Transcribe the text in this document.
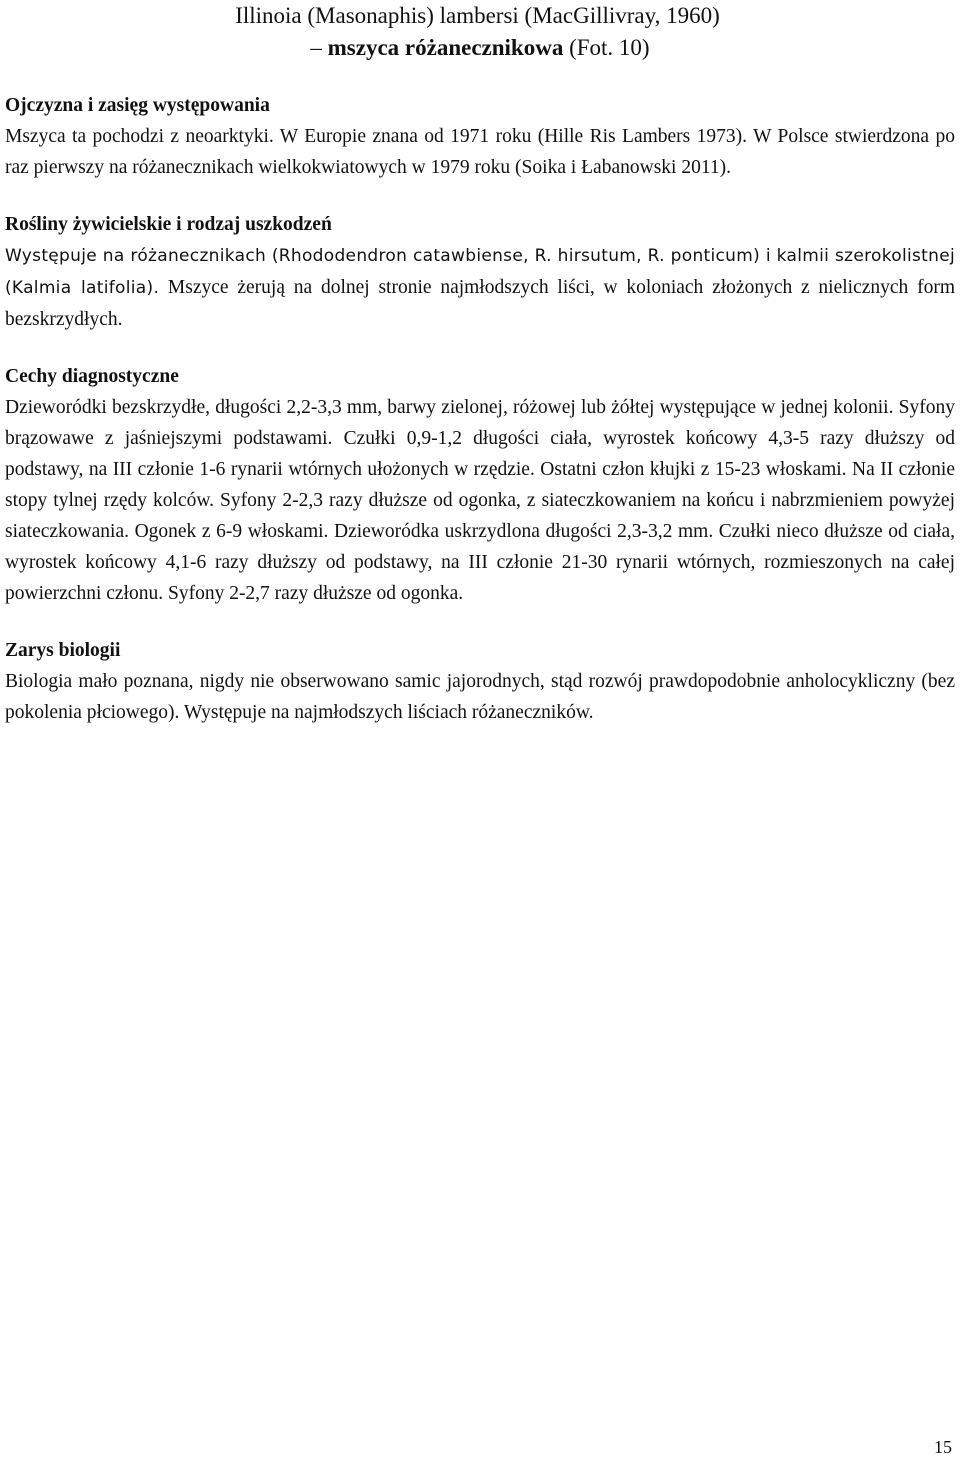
Illinoia (Masonaphis) lambersi (MacGillivray, 1960)
– mszyca różanecznikowa (Fot. 10)
Ojczyzna i zasięg występowania
Mszyca ta pochodzi z neoarktyki. W Europie znana od 1971 roku (Hille Ris Lambers 1973). W Polsce stwierdzona po raz pierwszy na różanecznikach wielkokwiatowych w 1979 roku (Soika i Łabanowski 2011).
Rośliny żywicielskie i rodzaj uszkodzeń
Występuje na różanecznikach (Rhododendron catawbiense, R. hirsutum, R. ponticum) i kalmii szerokolistnej (Kalmia latifolia). Mszyce żerują na dolnej stronie najmłodszych liści, w koloniach złożonych z nielicznych form bezskrzydłych.
Cechy diagnostyczne
Dzieworódki bezskrzydłe, długości 2,2-3,3 mm, barwy zielonej, różowej lub żółtej występujące w jednej kolonii. Syfony brązowawe z jaśniejszymi podstawami. Czułki 0,9-1,2 długości ciała, wyrostek końcowy 4,3-5 razy dłuższy od podstawy, na III członie 1-6 rynarii wtórnych ułożonych w rzędzie. Ostatni człon kłujki z 15-23 włoskami. Na II członie stopy tylnej rzędy kolców. Syfony 2-2,3 razy dłuższe od ogonka, z siateczkowaniem na końcu i nabrzmieniem powyżej siateczkowania. Ogonek z 6-9 włoskami. Dzieworódka uskrzydlona długości 2,3-3,2 mm. Czułki nieco dłuższe od ciała, wyrostek końcowy 4,1-6 razy dłuższy od podstawy, na III członie 21-30 rynarii wtórnych, rozmieszonych na całej powierzchni członu. Syfony 2-2,7 razy dłuższe od ogonka.
Zarys biologii
Biologia mało poznana, nigdy nie obserwowano samic jajorodnych, stąd rozwój prawdopodobnie anholocykliczny (bez pokolenia płciowego). Występuje na najmłodszych liściach różaneczników.
15
